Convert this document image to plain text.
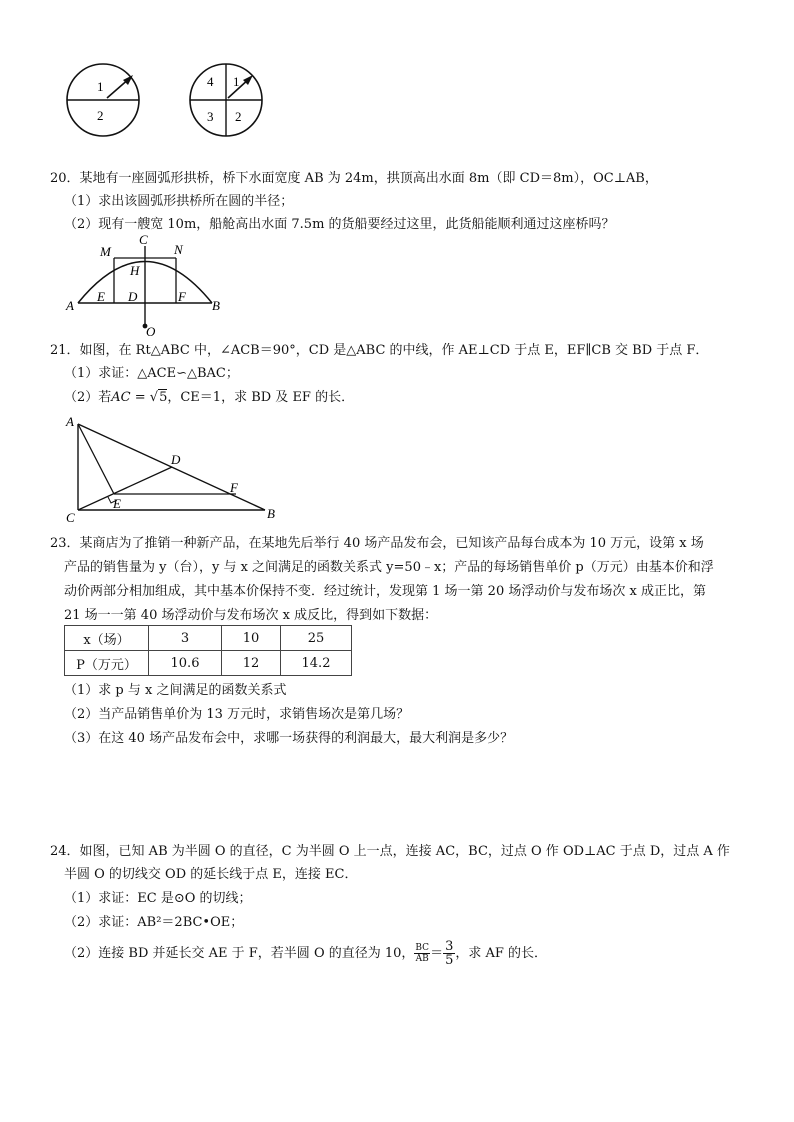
1
2
4 1
3 2
20．某地有一座圆弧形拱桥，桥下水面宽度 AB 为 24m，拱顶高出水面 8m（即 CD＝8m），OC⊥AB，
（1）求出该圆弧形拱桥所在圆的半径；
（2）现有一艘宽 10m，船舱高出水面 7.5m 的货船要经过这里，此货船能顺利通过这座桥吗？
M
C
N
H
A
E D	F
B
O
21．如图，在 Rt△ABC 中，∠ACB＝90°，CD 是△ABC 的中线，作 AE⊥CD 于点 E，EF∥CB 交 BD 于点 F．
（1）求证：△ACE∽△BAC；
（2）若AC = √5，CE＝1，求 BD 及 EF 的长．
A
C	B
D
E
F
23．某商店为了推销一种新产品，在某地先后举行 40 场产品发布会，已知该产品每台成本为 10 万元，设第 x 场
产品的销售量为 y（台），y 与 x 之间满足的函数关系式 y=50﹣x；产品的每场销售单价 p（万元）由基本价和浮
动价两部分相加组成，其中基本价保持不变．经过统计，发现第 1 场一第 20 场浮动价与发布场次 x 成正比，第
21 场一一第 40 场浮动价与发布场次 x 成反比，得到如下数据：
x（场）	3	10	25
P（万元）	10.6	12	14.2
（1）求 p 与 x 之间满足的函数关系式
（2）当产品销售单价为 13 万元时，求销售场次是第几场？
（3）在这 40 场产品发布会中，求哪一场获得的利润最大，最大利润是多少？
24．如图，已知 AB 为半圆 O 的直径，C 为半圆 O 上一点，连接 AC，BC，过点 O 作 OD⊥AC 于点 D，过点 A 作
半圆 O 的切线交 OD 的延长线于点 E，连接 EC．
（1）求证：EC 是⊙O 的切线；
（2）求证：AB²＝2BC•OE；
（2）连接 BD 并延长交 AE 于 F，若半圆 O 的直径为 10， $\frac{BC}{AB} = \frac{3}{5}$ ，求 AF 的长．
